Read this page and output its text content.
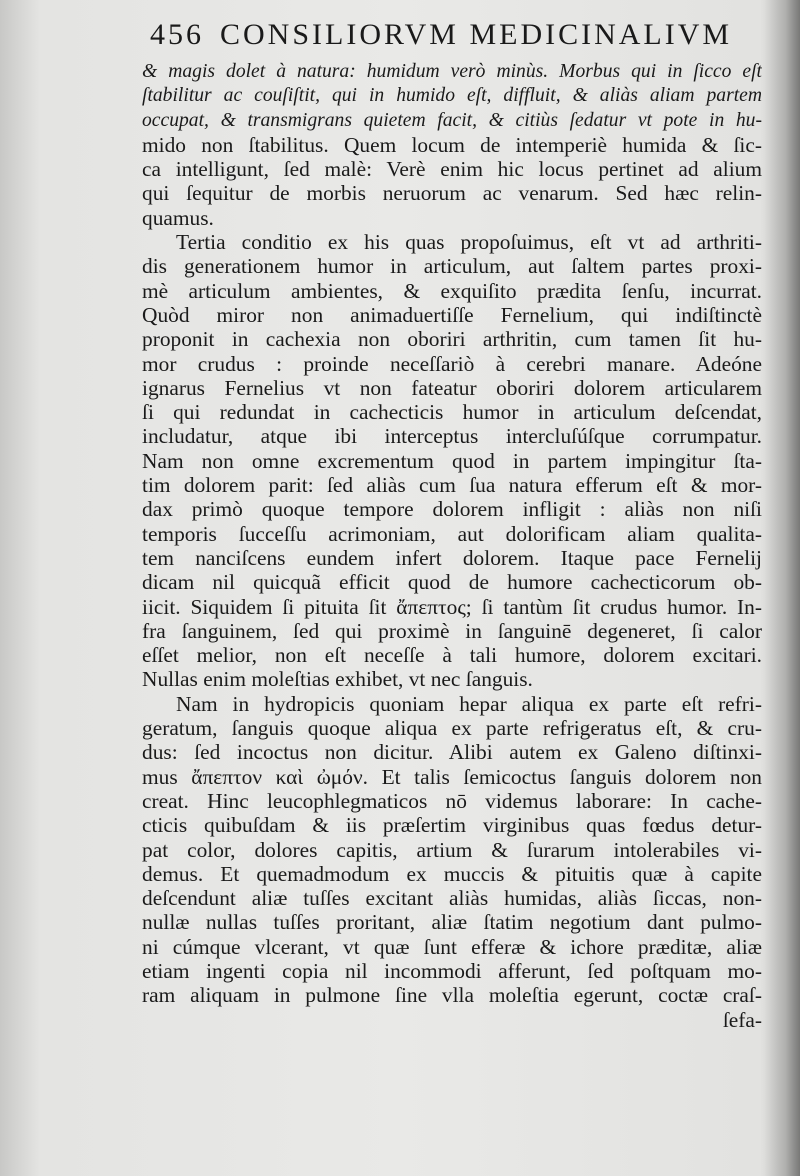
456 CONSILIORVM MEDICINALIVM
& magis dolet à natura: humidum verò minùs. Morbus qui in ſicco eſt
ſtabilitur ac couſiſtit, qui in humido eſt, diffluit, & aliàs aliam partem
occupat, & transmigrans quietem facit, & citiùs ſedatur vt pote in hu-
mido non ſtabilitus. Quem locum de intemperiè humida & ſic-
ca intelligunt, ſed malè: Verè enim hic locus pertinet ad alium
qui ſequitur de morbis neruorum ac venarum. Sed hæc relin-
quamus.
Tertia conditio ex his quas propoſuimus, eſt vt ad arthriti-
dis generationem humor in articulum, aut ſaltem partes proxi-
mè articulum ambientes, & exquiſito prædita ſenſu, incurrat.
Quòd miror non animaduertiſſe Fernelium, qui indiſtinctè
proponit in cachexia non oboriri arthritin, cum tamen ſit hu-
mor crudus : proinde neceſſariò à cerebri manare. Adeóne
ignarus Fernelius vt non fateatur oboriri dolorem articularem
ſi qui redundat in cachecticis humor in articulum deſcendat,
includatur, atque ibi interceptus intercluſúſque corrumpatur.
Nam non omne excrementum quod in partem impingitur ſta-
tim dolorem parit: ſed aliàs cum ſua natura efferum eſt & mor-
dax primò quoque tempore dolorem infligit : aliàs non niſi
temporis ſucceſſu acrimoniam, aut dolorificam aliam qualita-
tem nanciſcens eundem infert dolorem. Itaque pace Fernelij
dicam nil quicquã efficit quod de humore cachecticorum ob-
iicit. Siquidem ſi pituita ſit ἄπεπτος; ſi tantùm ſit crudus humor. In-
fra ſanguinem, ſed qui proximè in ſanguinē degeneret, ſi calor
eſſet melior, non eſt neceſſe à tali humore, dolorem excitari.
Nullas enim moleſtias exhibet, vt nec ſanguis.
Nam in hydropicis quoniam hepar aliqua ex parte eſt refri-
geratum, ſanguis quoque aliqua ex parte refrigeratus eſt, & cru-
dus: ſed incoctus non dicitur. Alibi autem ex Galeno diſtinxi-
mus ἄπεπτον καὶ ὠμόν. Et talis ſemicoctus ſanguis dolorem non
creat. Hinc leucophlegmaticos nō videmus laborare: In cache-
cticis quibuſdam & iis præſertim virginibus quas fœdus detur-
pat color, dolores capitis, artium & ſurarum intolerabiles vi-
demus. Et quemadmodum ex muccis & pituitis quæ à capite
deſcendunt aliæ tuſſes excitant aliàs humidas, aliàs ſiccas, non-
nullæ nullas tuſſes proritant, aliæ ſtatim negotium dant pulmo-
ni cúmque vlcerant, vt quæ ſunt efferæ & ichore præditæ, aliæ
etiam ingenti copia nil incommodi afferunt, ſed poſtquam mo-
ram aliquam in pulmone ſine vlla moleſtia egerunt, coctæ craſ-
ſefa-
